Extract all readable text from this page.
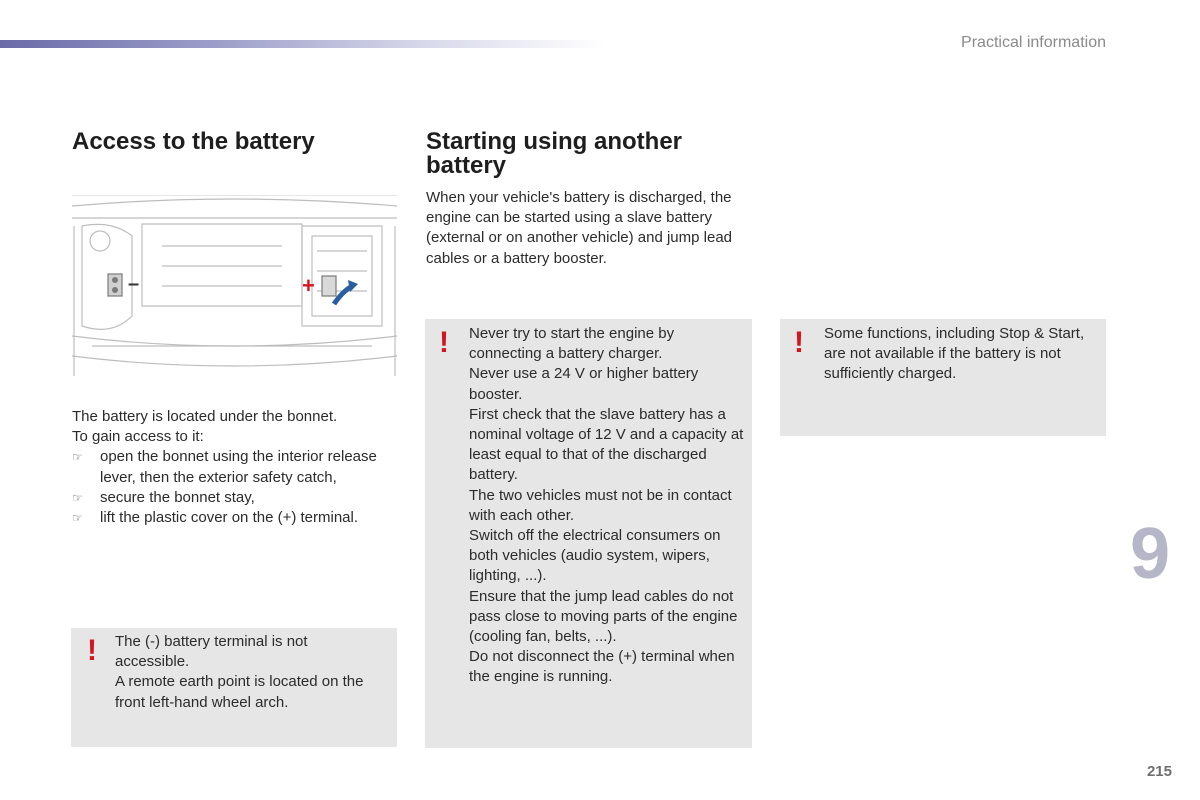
Practical information
Access to the battery
–	+

The battery is located under the bonnet.

To gain access to it:

☞ open the bonnet using the interior release lever, then the exterior safety catch,
☞ secure the bonnet stay,
☞ lift the plastic cover on the (+) terminal.
! The (-) battery terminal is not accessible.

A remote earth point is located on the front left-hand wheel arch.

Starting using another battery

When your vehicle's battery is discharged, the engine can be started using a slave battery (external or on another vehicle) and jump lead cables or a battery booster.

! Never try to start the engine by connecting a battery charger.

Never use a 24 V or higher battery booster.

First check that the slave battery has a nominal voltage of 12 V and a capacity at least equal to that of the discharged battery.

The two vehicles must not be in contact with each other.

Switch off the electrical consumers on both vehicles (audio system, wipers, lighting, ...).

Ensure that the jump lead cables do not pass close to moving parts of the engine (cooling fan, belts, ...).

Do not disconnect the (+) terminal when the engine is running.

! Some functions, including Stop & Start, are not available if the battery is not sufficiently charged.

9
215
